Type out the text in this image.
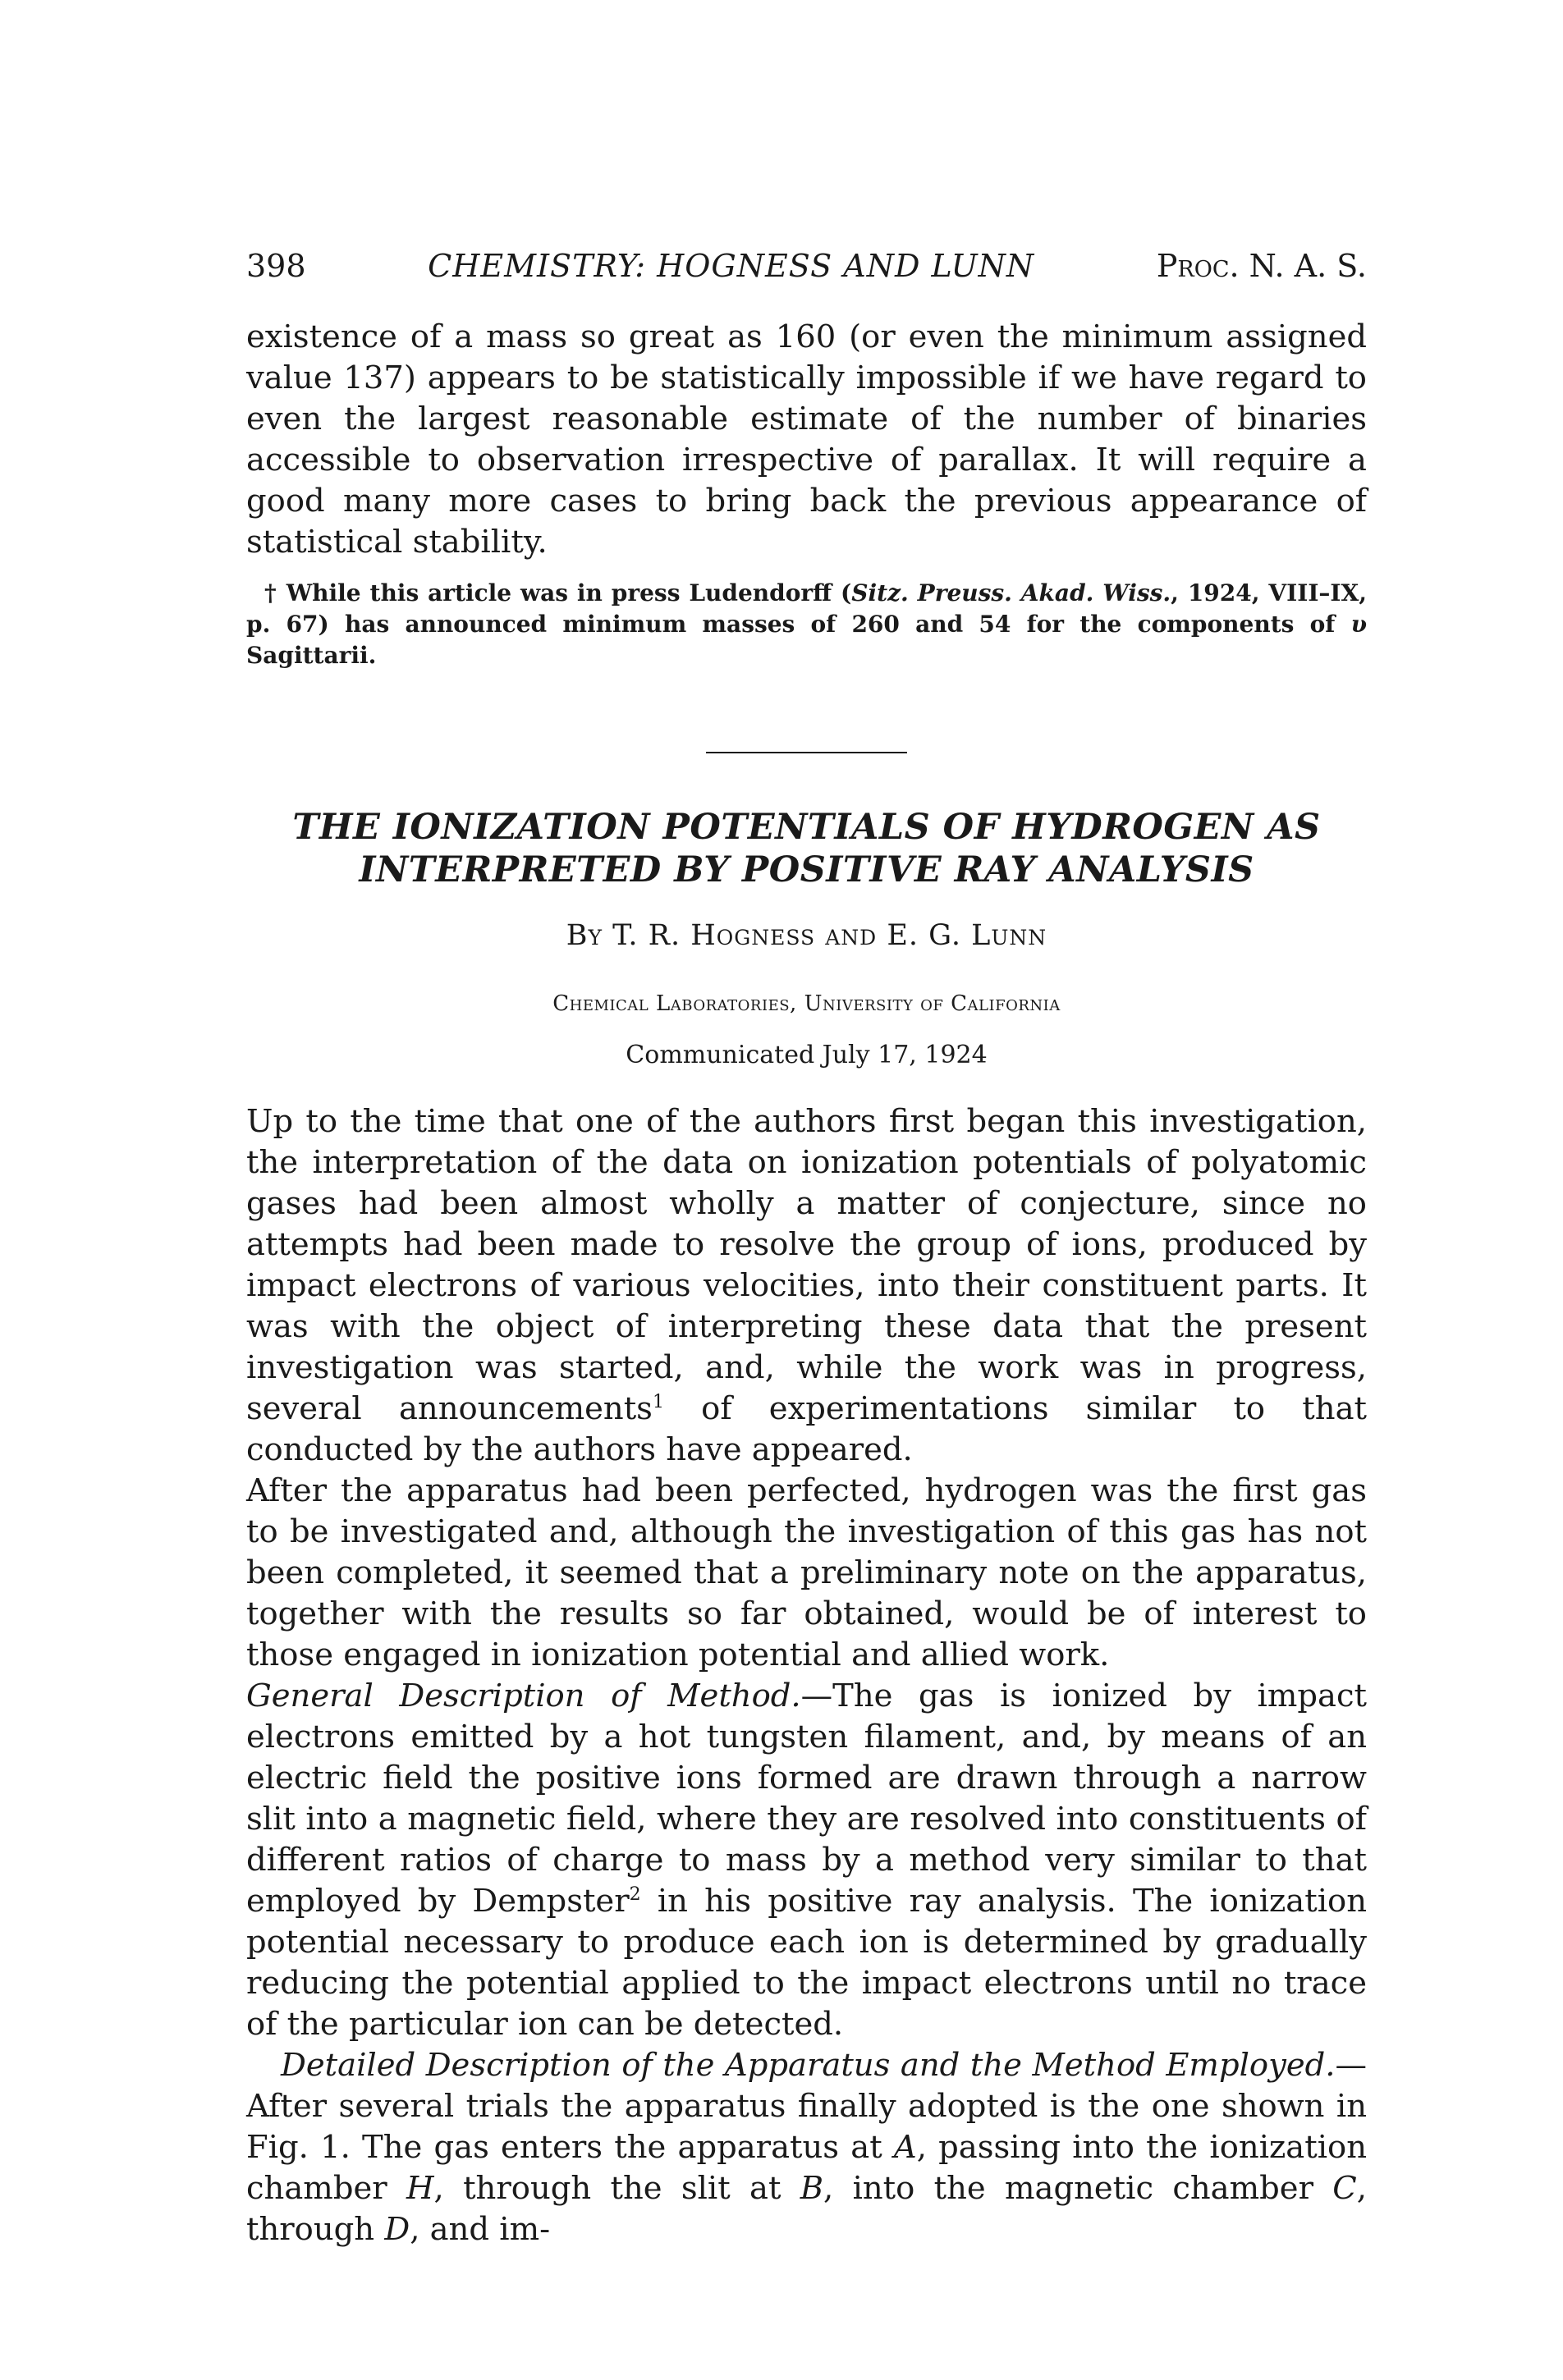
398	CHEMISTRY: HOGNESS AND LUNN	Proc. N. A. S.

existence of a mass so great as 160 (or even the minimum assigned value 137) appears to be statistically impossible if we have regard to even the largest reasonable estimate of the number of binaries accessible to observation irrespective of parallax. It will require a good many more cases to bring back the previous appearance of statistical stability.

† While this article was in press Ludendorff (Sitz. Preuss. Akad. Wiss., 1924, VIII–IX, p. 67) has announced minimum masses of 260 and 54 for the components of υ Sagittarii.

THE IONIZATION POTENTIALS OF HYDROGEN AS INTERPRETED BY POSITIVE RAY ANALYSIS
By T. R. Hogness and E. G. Lunn
Chemical Laboratories, University of California
Communicated July 17, 1924

Up to the time that one of the authors first began this investigation, the interpretation of the data on ionization potentials of polyatomic gases had been almost wholly a matter of conjecture, since no attempts had been made to resolve the group of ions, produced by impact electrons of various velocities, into their constituent parts. It was with the object of interpreting these data that the present investigation was started, and, while the work was in progress, several announcements$^1$ of experimentations similar to that conducted by the authors have appeared.

After the apparatus had been perfected, hydrogen was the first gas to be investigated and, although the investigation of this gas has not been completed, it seemed that a preliminary note on the apparatus, together with the results so far obtained, would be of interest to those engaged in ionization potential and allied work.

General Description of Method.—The gas is ionized by impact electrons emitted by a hot tungsten filament, and, by means of an electric field the positive ions formed are drawn through a narrow slit into a magnetic field, where they are resolved into constituents of different ratios of charge to mass by a method very similar to that employed by Dempster$^2$ in his positive ray analysis. The ionization potential necessary to produce each ion is determined by gradually reducing the potential applied to the impact electrons until no trace of the particular ion can be detected.

Detailed Description of the Apparatus and the Method Employed.—After several trials the apparatus finally adopted is the one shown in Fig. 1. The gas enters the apparatus at A, passing into the ionization chamber H, through the slit at B, into the magnetic chamber C, through D, and im-
